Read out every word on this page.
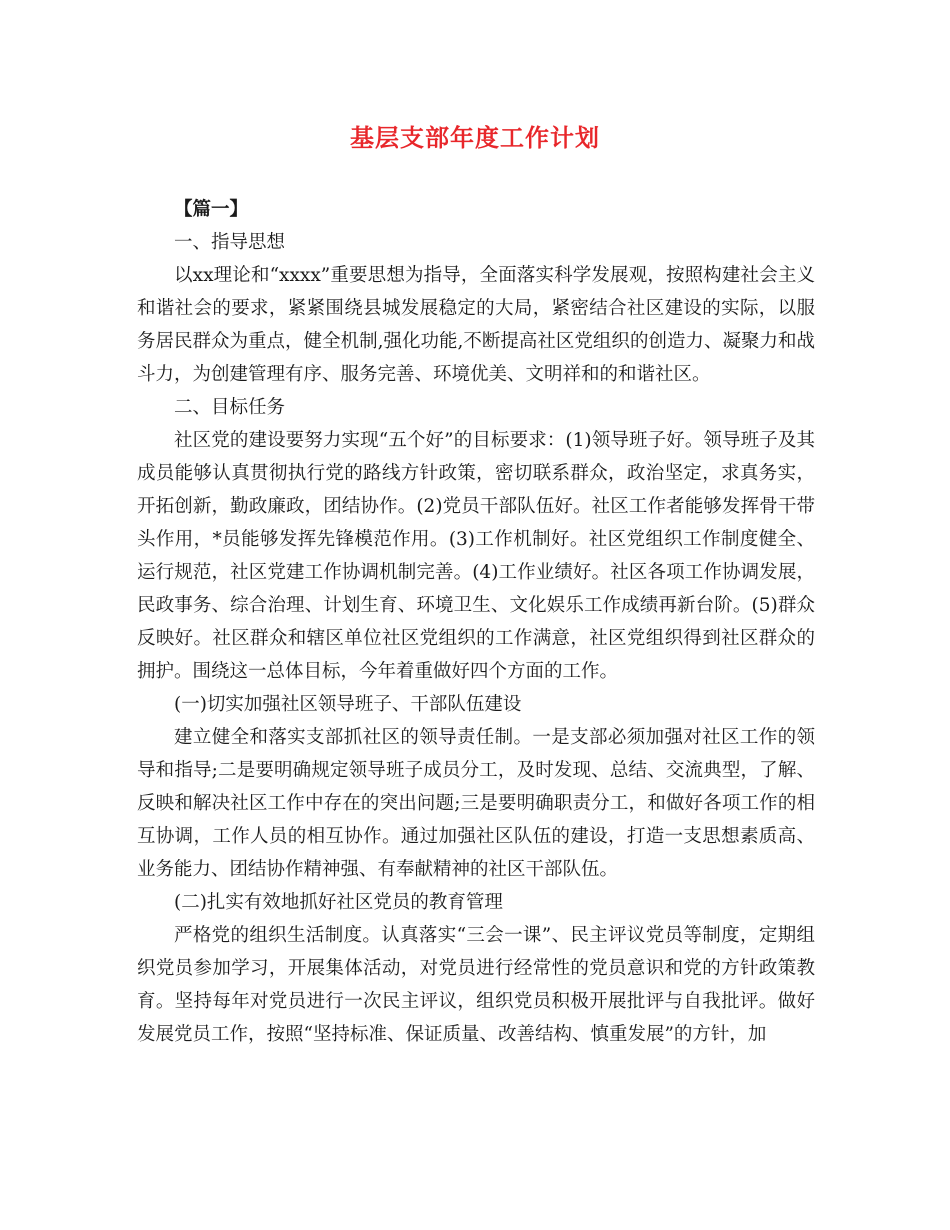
基层支部年度工作计划

【篇一】

一、指导思想

以xx理论和“xxxx”重要思想为指导，全面落实科学发展观，按照构建社会主义和谐社会的要求，紧紧围绕县城发展稳定的大局，紧密结合社区建设的实际，以服务居民群众为重点，健全机制,强化功能,不断提高社区党组织的创造力、凝聚力和战斗力，为创建管理有序、服务完善、环境优美、文明祥和的和谐社区。

二、目标任务

社区党的建设要努力实现“五个好”的目标要求：(1)领导班子好。领导班子及其成员能够认真贯彻执行党的路线方针政策，密切联系群众，政治坚定，求真务实，开拓创新，勤政廉政，团结协作。(2)党员干部队伍好。社区工作者能够发挥骨干带头作用，*员能够发挥先锋模范作用。(3)工作机制好。社区党组织工作制度健全、运行规范，社区党建工作协调机制完善。(4)工作业绩好。社区各项工作协调发展，民政事务、综合治理、计划生育、环境卫生、文化娱乐工作成绩再新台阶。(5)群众反映好。社区群众和辖区单位社区党组织的工作满意，社区党组织得到社区群众的拥护。围绕这一总体目标，今年着重做好四个方面的工作。

(一)切实加强社区领导班子、干部队伍建设

建立健全和落实支部抓社区的领导责任制。一是支部必须加强对社区工作的领导和指导;二是要明确规定领导班子成员分工，及时发现、总结、交流典型，了解、反映和解决社区工作中存在的突出问题;三是要明确职责分工，和做好各项工作的相互协调，工作人员的相互协作。通过加强社区队伍的建设，打造一支思想素质高、业务能力、团结协作精神强、有奉献精神的社区干部队伍。

(二)扎实有效地抓好社区党员的教育管理

严格党的组织生活制度。认真落实“三会一课”、民主评议党员等制度，定期组织党员参加学习，开展集体活动，对党员进行经常性的党员意识和党的方针政策教育。坚持每年对党员进行一次民主评议，组织党员积极开展批评与自我批评。做好发展党员工作，按照“坚持标准、保证质量、改善结构、慎重发展”的方针，加
